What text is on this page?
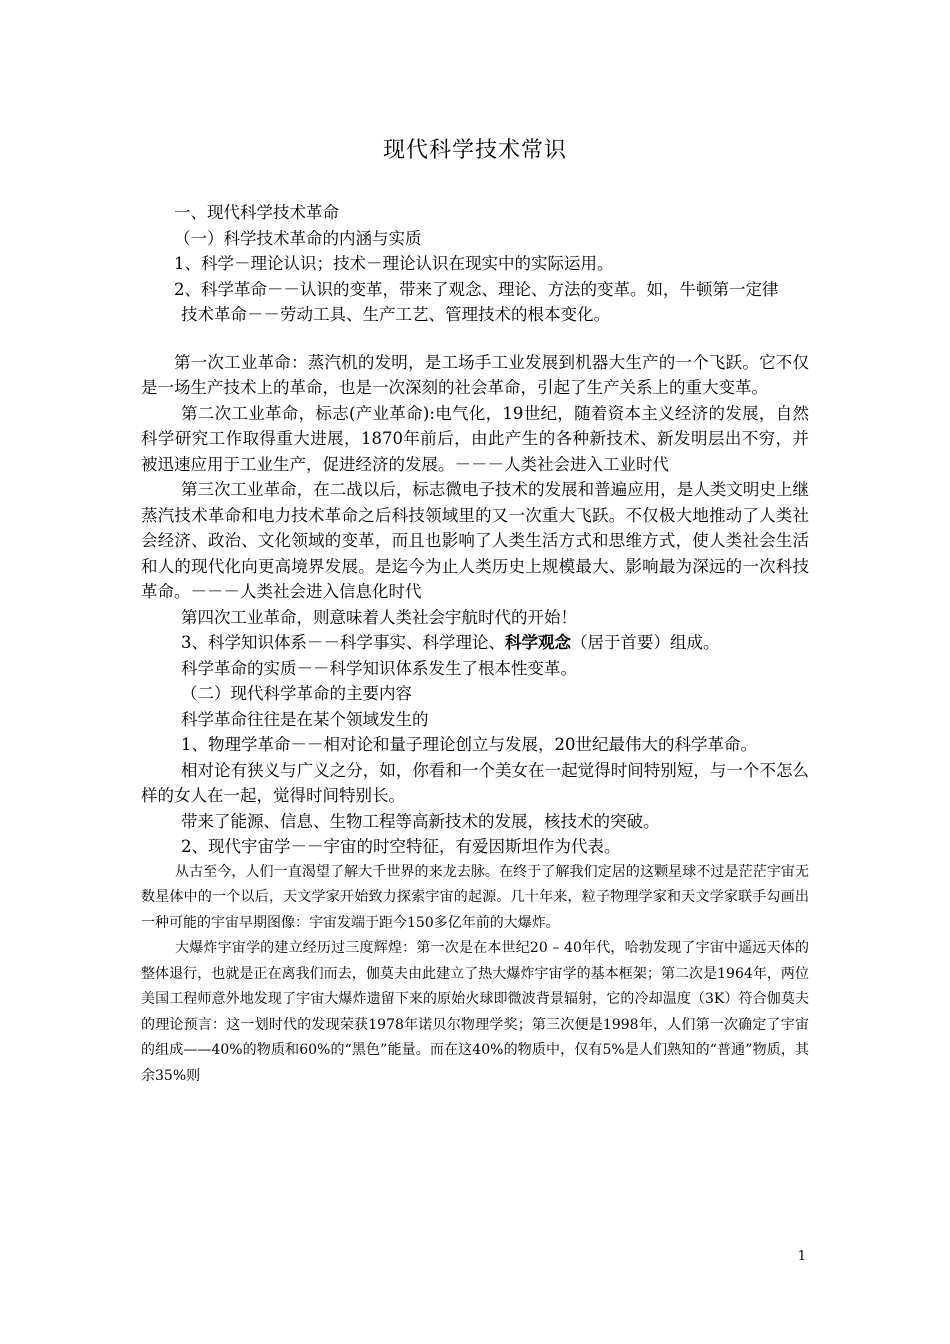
现代科学技术常识

一、现代科学技术革命

（一）科学技术革命的内涵与实质

1、科学－理论认识；技术－理论认识在现实中的实际运用。

2、科学革命－－认识的变革，带来了观念、理论、方法的变革。如，牛顿第一定律

技术革命－－劳动工具、生产工艺、管理技术的根本变化。

第一次工业革命：蒸汽机的发明，是工场手工业发展到机器大生产的一个飞跃。它不仅是一场生产技术上的革命，也是一次深刻的社会革命，引起了生产关系上的重大变革。

第二次工业革命，标志(产业革命):电气化，19世纪，随着资本主义经济的发展，自然科学研究工作取得重大进展，1870年前后，由此产生的各种新技术、新发明层出不穷，并被迅速应用于工业生产，促进经济的发展。－－－人类社会进入工业时代

第三次工业革命，在二战以后，标志微电子技术的发展和普遍应用，是人类文明史上继蒸汽技术革命和电力技术革命之后科技领域里的又一次重大飞跃。不仅极大地推动了人类社会经济、政治、文化领域的变革，而且也影响了人类生活方式和思维方式，使人类社会生活和人的现代化向更高境界发展。是迄今为止人类历史上规模最大、影响最为深远的一次科技革命。－－－人类社会进入信息化时代

第四次工业革命，则意味着人类社会宇航时代的开始！

3、科学知识体系－－科学事实、科学理论、科学观念（居于首要）组成。

科学革命的实质－－科学知识体系发生了根本性变革。

（二）现代科学革命的主要内容

科学革命往往是在某个领域发生的

1、物理学革命－－相对论和量子理论创立与发展，20世纪最伟大的科学革命。

相对论有狭义与广义之分，如，你看和一个美女在一起觉得时间特别短，与一个不怎么样的女人在一起，觉得时间特别长。

带来了能源、信息、生物工程等高新技术的发展，核技术的突破。

2、现代宇宙学－－宇宙的时空特征，有爱因斯坦作为代表。

从古至今，人们一直渴望了解大千世界的来龙去脉。在终于了解我们定居的这颗星球不过是茫茫宇宙无数星体中的一个以后，天文学家开始致力探索宇宙的起源。几十年来，粒子物理学家和天文学家联手勾画出一种可能的宇宙早期图像：宇宙发端于距今150多亿年前的大爆炸。

大爆炸宇宙学的建立经历过三度辉煌：第一次是在本世纪20 – 40年代，哈勃发现了宇宙中遥远天体的整体退行，也就是正在离我们而去，伽莫夫由此建立了热大爆炸宇宙学的基本框架；第二次是1964年，两位美国工程师意外地发现了宇宙大爆炸遗留下来的原始火球即微波背景辐射，它的冷却温度（3K）符合伽莫夫的理论预言：这一划时代的发现荣获1978年诺贝尔物理学奖；第三次便是1998年，人们第一次确定了宇宙的组成——40%的物质和60%的“黑色”能量。而在这40%的物质中，仅有5%是人们熟知的“普通”物质，其余35%则

1
